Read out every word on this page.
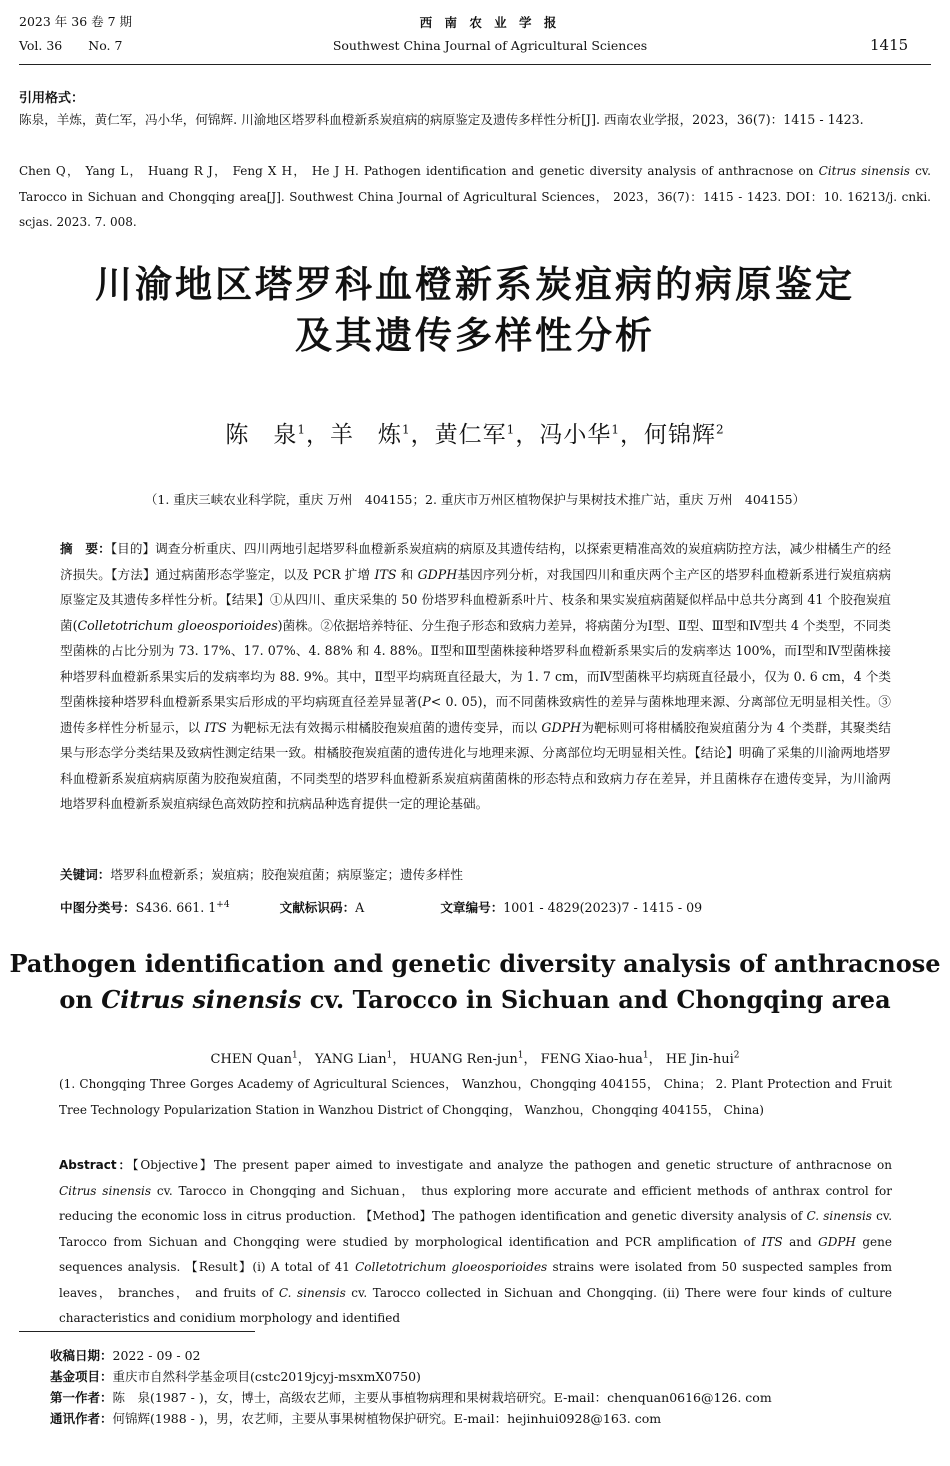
2023 年 36 卷 7 期
Vol. 36 No. 7
西 南 农 业 学 报
Southwest China Journal of Agricultural Sciences	1415
引用格式：
陈泉，羊炼，黄仁军，冯小华，何锦辉. 川渝地区塔罗科血橙新系炭疽病的病原鉴定及遗传多样性分析[J]. 西南农业学报，2023，36(7)：1415 - 1423.
Chen Q， Yang L， Huang R J， Feng X H， He J H. Pathogen identification and genetic diversity analysis of anthracnose on Citrus sinensis cv. Tarocco in Sichuan and Chongqing area[J]. Southwest China Journal of Agricultural Sciences， 2023，36(7)：1415 - 1423. DOI：10. 16213/j. cnki. scjas. 2023. 7. 008.
川渝地区塔罗科血橙新系炭疽病的病原鉴定
及其遗传多样性分析
陈　泉$^1$，羊　炼$^1$，黄仁军$^1$，冯小华$^1$，何锦辉$^2$
（1. 重庆三峡农业科学院，重庆 万州　404155；2. 重庆市万州区植物保护与果树技术推广站，重庆 万州　404155）
摘　要：【目的】调查分析重庆、四川两地引起塔罗科血橙新系炭疽病的病原及其遗传结构，以探索更精准高效的炭疽病防控方法，减少柑橘生产的经济损失。【方法】通过病菌形态学鉴定，以及 PCR 扩增 ITS 和 GDPH基因序列分析，对我国四川和重庆两个主产区的塔罗科血橙新系进行炭疽病病原鉴定及其遗传多样性分析。【结果】①从四川、重庆采集的 50 份塔罗科血橙新系叶片、枝条和果实炭疽病菌疑似样品中总共分离到 41 个胶孢炭疽菌(Colletotrichum gloeosporioides)菌株。②依据培养特征、分生孢子形态和致病力差异，将病菌分为Ⅰ型、Ⅱ型、Ⅲ型和Ⅳ型共 4 个类型，不同类型菌株的占比分别为 73. 17%、17. 07%、4. 88% 和 4. 88%。Ⅱ型和Ⅲ型菌株接种塔罗科血橙新系果实后的发病率达 100%，而Ⅰ型和Ⅳ型菌株接种塔罗科血橙新系果实后的发病率均为 88. 9%。其中，Ⅱ型平均病斑直径最大，为 1. 7 cm，而Ⅳ型菌株平均病斑直径最小，仅为 0. 6 cm，4 个类型菌株接种塔罗科血橙新系果实后形成的平均病斑直径差异显著(P< 0. 05)，而不同菌株致病性的差异与菌株地理来源、分离部位无明显相关性。③遗传多样性分析显示，以 ITS 为靶标无法有效揭示柑橘胶孢炭疽菌的遗传变异，而以 GDPH为靶标则可将柑橘胶孢炭疽菌分为 4 个类群，其聚类结果与形态学分类结果及致病性测定结果一致。柑橘胶孢炭疽菌的遗传进化与地理来源、分离部位均无明显相关性。【结论】明确了采集的川渝两地塔罗科血橙新系炭疽病病原菌为胶孢炭疽菌，不同类型的塔罗科血橙新系炭疽病菌菌株的形态特点和致病力存在差异，并且菌株存在遗传变异，为川渝两地塔罗科血橙新系炭疽病绿色高效防控和抗病品种选育提供一定的理论基础。
关键词：塔罗科血橙新系；炭疽病；胶孢炭疽菌；病原鉴定；遗传多样性
中图分类号：S436. 661. $1^{+4}$	文献标识码：A	文章编号：1001 - 4829(2023)7 - 1415 - 09
Pathogen identification and genetic diversity analysis of anthracnose
on Citrus sinensis cv. Tarocco in Sichuan and Chongqing area
CHEN Quan$^1$， YANG Lian$^1$， HUANG Ren-jun$^1$， FENG Xiao-hua$^1$， HE Jin-hui$^2$
(1. Chongqing Three Gorges Academy of Agricultural Sciences， Wanzhou，Chongqing 404155， China； 2. Plant Protection and Fruit Tree Technology Popularization Station in Wanzhou District of Chongqing， Wanzhou，Chongqing 404155， China)
Abstract：【Objective】The present paper aimed to investigate and analyze the pathogen and genetic structure of anthracnose on Citrus sinensis cv. Tarocco in Chongqing and Sichuan， thus exploring more accurate and efficient methods of anthrax control for reducing the economic loss in citrus production. 【Method】The pathogen identification and genetic diversity analysis of C. sinensis cv. Tarocco from Sichuan and Chongqing were studied by morphological identification and PCR amplification of ITS and GDPH gene sequences analysis. 【Result】(i) A total of 41 Colletotrichum gloeosporioides strains were isolated from 50 suspected samples from leaves， branches， and fruits of C. sinensis cv. Tarocco collected in Sichuan and Chongqing. (ii) There were four kinds of culture characteristics and conidium morphology and identified
收稿日期：2022 - 09 - 02
基金项目：重庆市自然科学基金项目(cstc2019jcyj-msxmX0750)
第一作者：陈　泉(1987 - )，女，博士，高级农艺师，主要从事植物病理和果树栽培研究。E-mail：chenquan0616@126. com
通讯作者：何锦辉(1988 - )，男，农艺师，主要从事果树植物保护研究。E-mail：hejinhui0928@163. com
